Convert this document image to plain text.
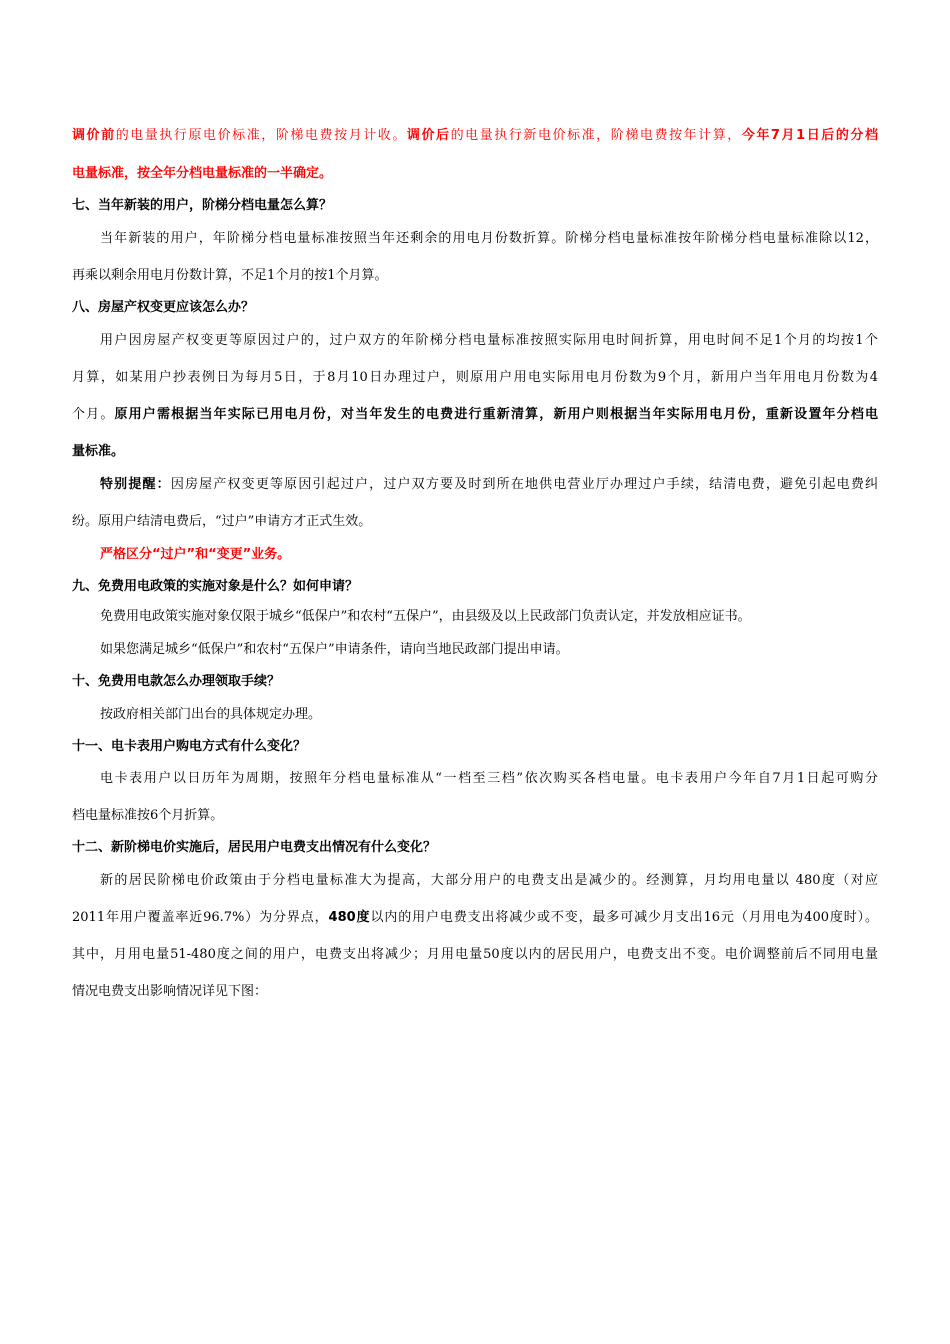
调价前的电量执行原电价标准，阶梯电费按月计收。调价后的电量执行新电价标准，阶梯电费按年计算，今年7月1日后的分档
电量标准，按全年分档电量标准的一半确定。
七、当年新装的用户，阶梯分档电量怎么算？
当年新装的用户，年阶梯分档电量标准按照当年还剩余的用电月份数折算。阶梯分档电量标准按年阶梯分档电量标准除以12，
再乘以剩余用电月份数计算，不足1个月的按1个月算。
八、房屋产权变更应该怎么办？
用户因房屋产权变更等原因过户的，过户双方的年阶梯分档电量标准按照实际用电时间折算，用电时间不足1个月的均按1个
月算，如某用户抄表例日为每月5日，于8月10日办理过户，则原用户用电实际用电月份数为9个月，新用户当年用电月份数为4
个月。原用户需根据当年实际已用电月份，对当年发生的电费进行重新清算，新用户则根据当年实际用电月份，重新设置年分档电
量标准。
特别提醒：因房屋产权变更等原因引起过户，过户双方要及时到所在地供电营业厅办理过户手续，结清电费，避免引起电费纠
纷。原用户结清电费后，“过户”申请方才正式生效。
严格区分“过户”和“变更”业务。
九、免费用电政策的实施对象是什么？如何申请？
免费用电政策实施对象仅限于城乡“低保户”和农村“五保户”，由县级及以上民政部门负责认定，并发放相应证书。
如果您满足城乡“低保户”和农村“五保户”申请条件，请向当地民政部门提出申请。
十、免费用电款怎么办理领取手续？
按政府相关部门出台的具体规定办理。
十一、电卡表用户购电方式有什么变化？
电卡表用户以日历年为周期，按照年分档电量标准从“一档至三档”依次购买各档电量。电卡表用户今年自7月1日起可购分
档电量标准按6个月折算。
十二、新阶梯电价实施后，居民用户电费支出情况有什么变化？
新的居民阶梯电价政策由于分档电量标准大为提高，大部分用户的电费支出是减少的。经测算，月均用电量以 480度（对应
2011年用户覆盖率近96.7%）为分界点，480度以内的用户电费支出将减少或不变，最多可减少月支出16元（月用电为400度时）。
其中，月用电量51-480度之间的用户，电费支出将减少；月用电量50度以内的居民用户，电费支出不变。电价调整前后不同用电量
情况电费支出影响情况详见下图：
